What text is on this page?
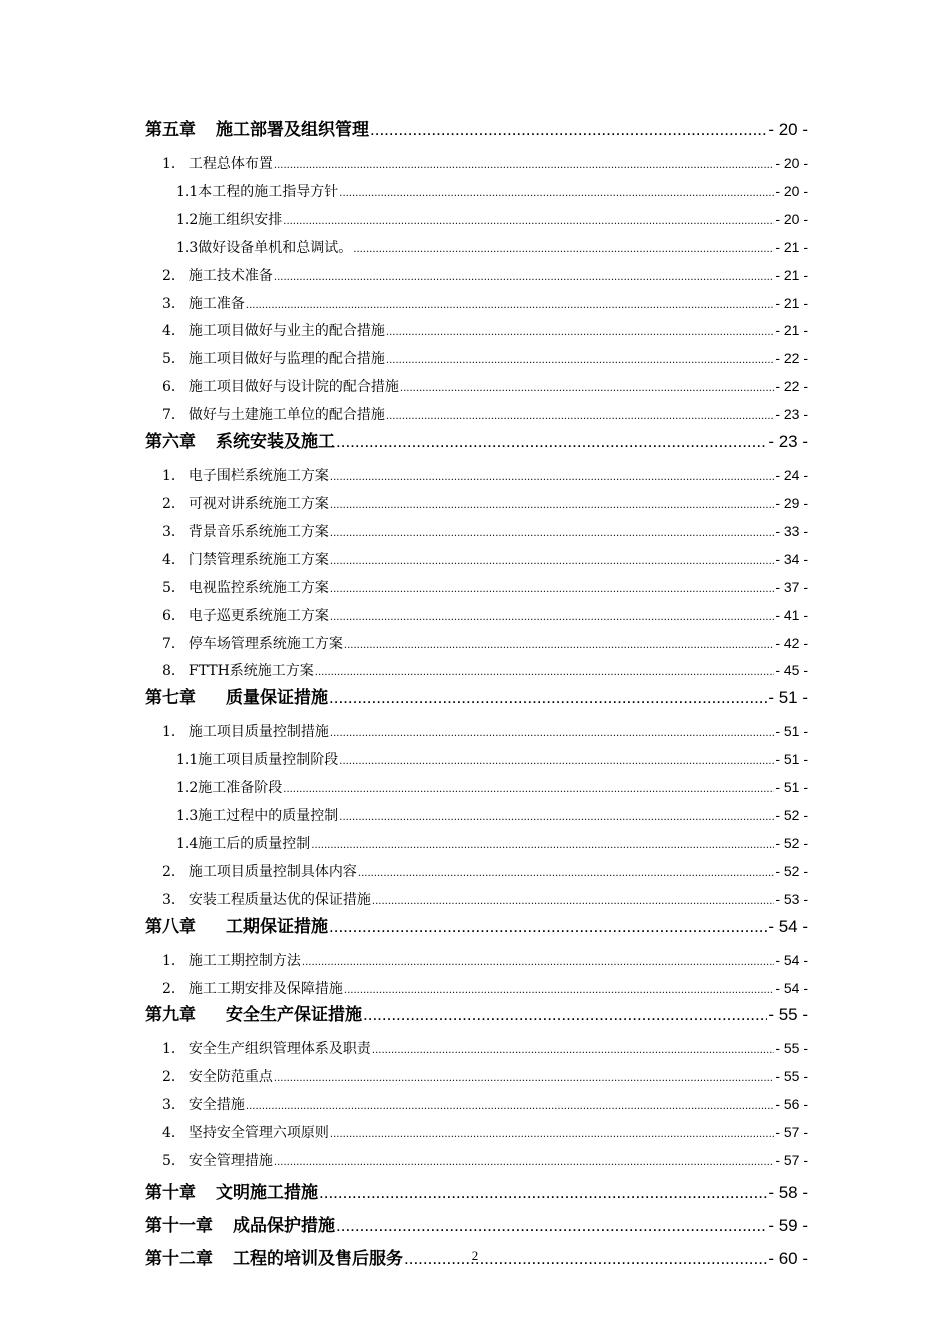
第五章 施工部署及组织管理 .....	- 20 -
1． 工程总体布置 .....	- 20 -
1.1本工程的施工指导方针 .....	- 20 -
1.2施工组织安排 .....	- 20 -
1.3做好设备单机和总调试。 .....	- 21 -
2． 施工技术准备 .....	- 21 -
3． 施工准备 .....	- 21 -
4． 施工项目做好与业主的配合措施 .....	- 21 -
5． 施工项目做好与监理的配合措施 .....	- 22 -
6． 施工项目做好与设计院的配合措施 .....	- 22 -
7． 做好与土建施工单位的配合措施 .....	- 23 -
第六章 系统安装及施工 .....	- 23 -
1． 电子围栏系统施工方案 .....	- 24 -
2． 可视对讲系统施工方案 .....	- 29 -
3． 背景音乐系统施工方案 .....	- 33 -
4． 门禁管理系统施工方案 .....	- 34 -
5． 电视监控系统施工方案 .....	- 37 -
6． 电子巡更系统施工方案 .....	- 41 -
7． 停车场管理系统施工方案 .....	- 42 -
8． FTTH系统施工方案 .....	- 45 -
第七章 质量保证措施 .....	- 51 -
1． 施工项目质量控制措施 .....	- 51 -
1.1施工项目质量控制阶段 .....	- 51 -
1.2施工准备阶段 .....	- 51 -
1.3施工过程中的质量控制 .....	- 52 -
1.4施工后的质量控制 .....	- 52 -
2． 施工项目质量控制具体内容 .....	- 52 -
3． 安装工程质量达优的保证措施 .....	- 53 -
第八章 工期保证措施 .....	- 54 -
1． 施工工期控制方法 .....	- 54 -
2． 施工工期安排及保障措施 .....	- 54 -
第九章 安全生产保证措施 .....	- 55 -
1． 安全生产组织管理体系及职责 .....	- 55 -
2． 安全防范重点 .....	- 55 -
3． 安全措施 .....	- 56 -
4． 坚持安全管理六项原则 .....	- 57 -
5． 安全管理措施 .....	- 57 -
第十章 文明施工措施 .....	- 58 -
第十一章 成品保护措施 .....	- 59 -
第十二章 工程的培训及售后服务 .....	- 60 -
2
